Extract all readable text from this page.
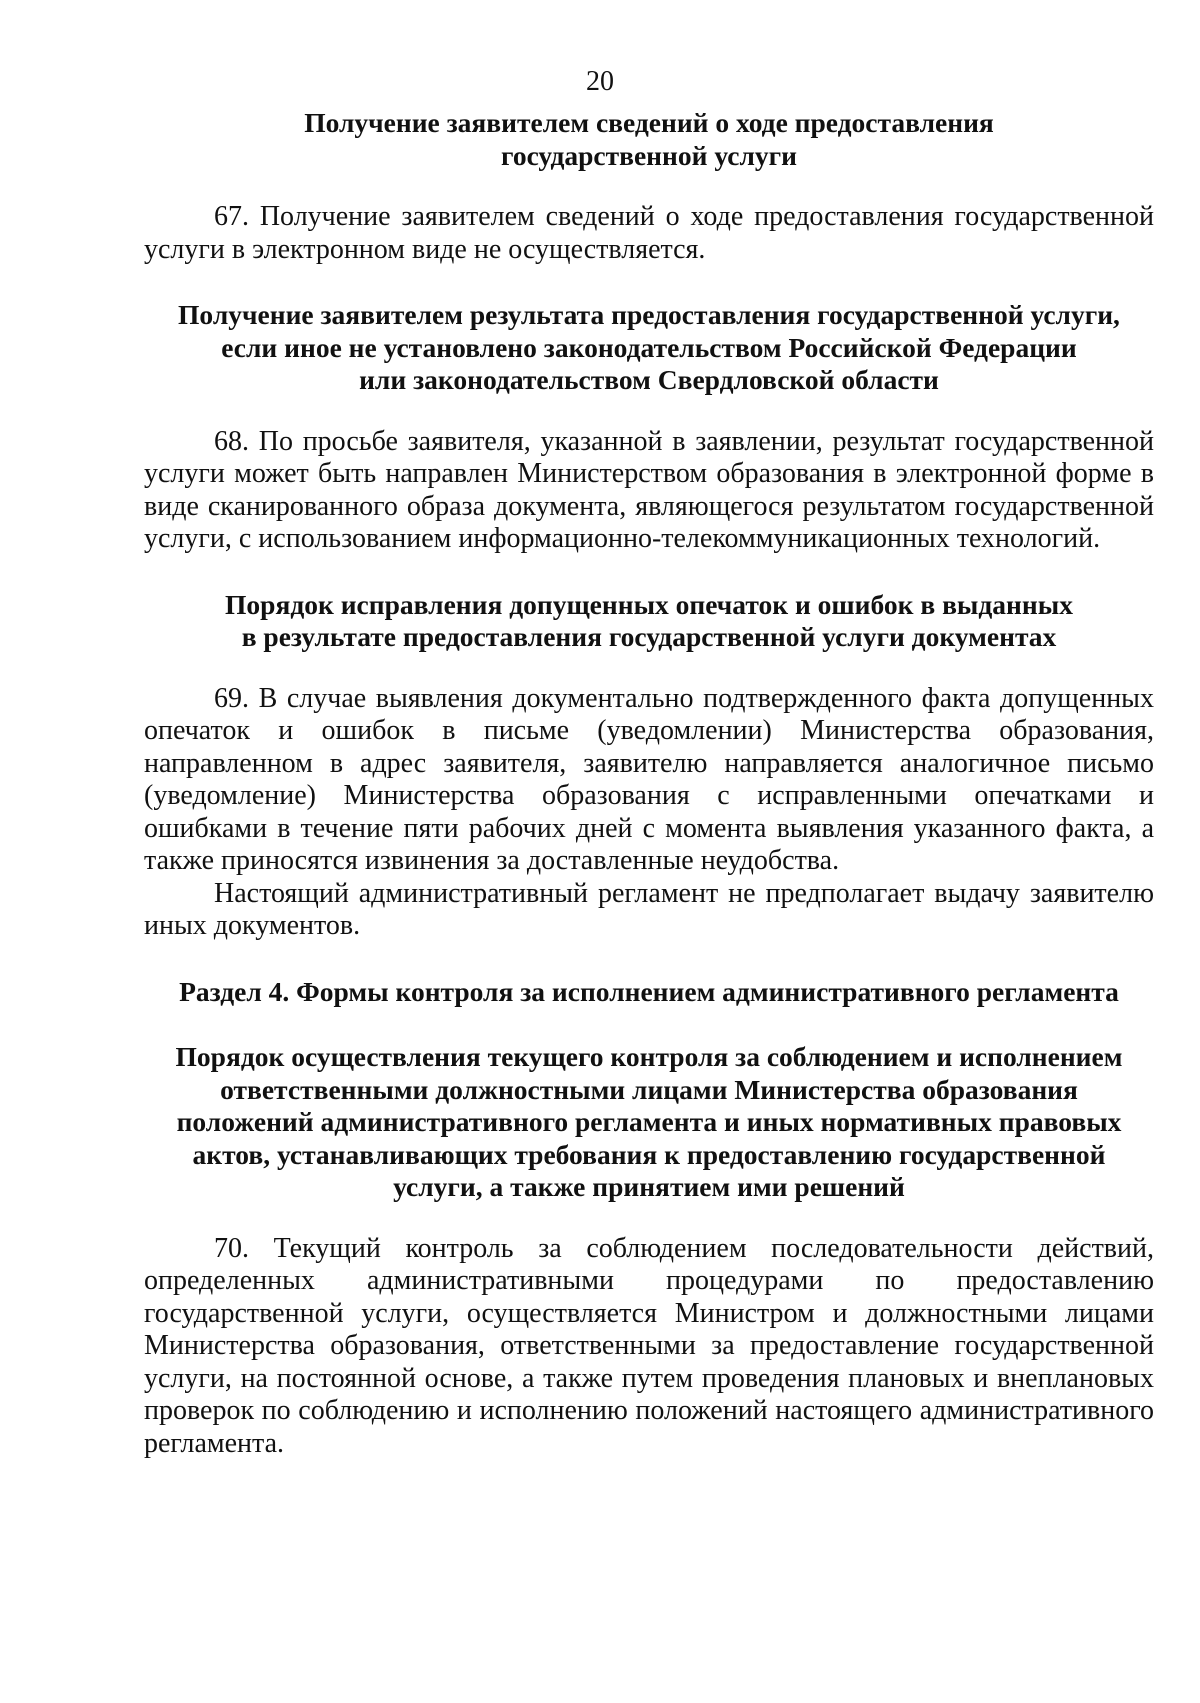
20
Получение заявителем сведений о ходе предоставления
государственной услуги

67. Получение заявителем сведений о ходе предоставления государственной услуги в электронном виде не осуществляется.

Получение заявителем результата предоставления государственной услуги,
если иное не установлено законодательством Российской Федерации
или законодательством Свердловской области

68. По просьбе заявителя, указанной в заявлении, результат государственной услуги может быть направлен Министерством образования в электронной форме в виде сканированного образа документа, являющегося результатом государственной услуги, с использованием информационно-телекоммуникационных технологий.

Порядок исправления допущенных опечаток и ошибок в выданных
в результате предоставления государственной услуги документах

69. В случае выявления документально подтвержденного факта допущенных опечаток и ошибок в письме (уведомлении) Министерства образования, направленном в адрес заявителя, заявителю направляется аналогичное письмо (уведомление) Министерства образования с исправленными опечатками и ошибками в течение пяти рабочих дней с момента выявления указанного факта, а также приносятся извинения за доставленные неудобства.

Настоящий административный регламент не предполагает выдачу заявителю иных документов.

Раздел 4. Формы контроля за исполнением административного регламента
Порядок осуществления текущего контроля за соблюдением и исполнением
ответственными должностными лицами Министерства образования
положений административного регламента и иных нормативных правовых
актов, устанавливающих требования к предоставлению государственной
услуги, а также принятием ими решений

70. Текущий контроль за соблюдением последовательности действий, определенных административными процедурами по предоставлению государственной услуги, осуществляется Министром и должностными лицами Министерства образования, ответственными за предоставление государственной услуги, на постоянной основе, а также путем проведения плановых и внеплановых проверок по соблюдению и исполнению положений настоящего административного регламента.
